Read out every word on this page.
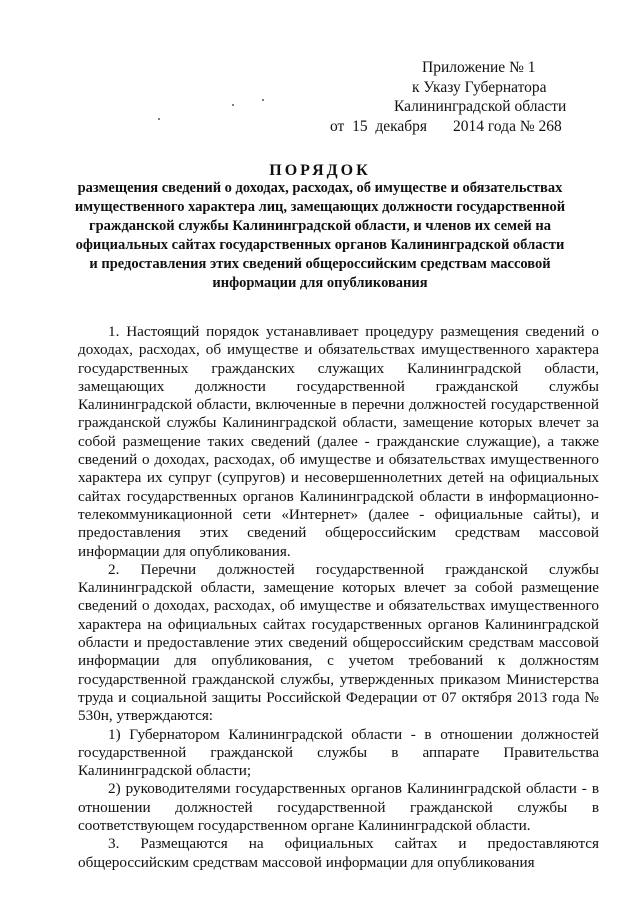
Приложение № 1
к Указу Губернатора
Калининградской области
от  15  декабря 2014 года № 268
ПОРЯДОК
размещения сведений о доходах, расходах, об имуществе и обязательствах имущественного характера лиц, замещающих должности государственной гражданской службы Калининградской области, и членов их семей на официальных сайтах государственных органов Калининградской области и предоставления этих сведений общероссийским средствам массовой информации для опубликования

1. Настоящий порядок устанавливает процедуру размещения сведений о доходах, расходах, об имуществе и обязательствах имущественного характера государственных гражданских служащих Калининградской области, замещающих должности государственной гражданской службы Калининградской области, включенные в перечни должностей государственной гражданской службы Калининградской области, замещение которых влечет за собой размещение таких сведений (далее - гражданские служащие), а также сведений о доходах, расходах, об имуществе и обязательствах имущественного характера их супруг (супругов) и несовершеннолетних детей на официальных сайтах государственных органов Калининградской области в информационно-телекоммуникационной сети «Интернет» (далее - официальные сайты), и предоставления этих сведений общероссийским средствам массовой информации для опубликования.

2. Перечни должностей государственной гражданской службы Калининградской области, замещение которых влечет за собой размещение сведений о доходах, расходах, об имуществе и обязательствах имущественного характера на официальных сайтах государственных органов Калининградской области и предоставление этих сведений общероссийским средствам массовой информации для опубликования, с учетом требований к должностям государственной гражданской службы, утвержденных приказом Министерства труда и социальной защиты Российской Федерации от 07 октября 2013 года № 530н, утверждаются:

1) Губернатором Калининградской области - в отношении должностей государственной гражданской службы в аппарате Правительства Калининградской области;

2) руководителями государственных органов Калининградской области - в отношении должностей государственной гражданской службы в соответствующем государственном органе Калининградской области.

3. Размещаются на официальных сайтах и предоставляются общероссийским средствам массовой информации для опубликования
